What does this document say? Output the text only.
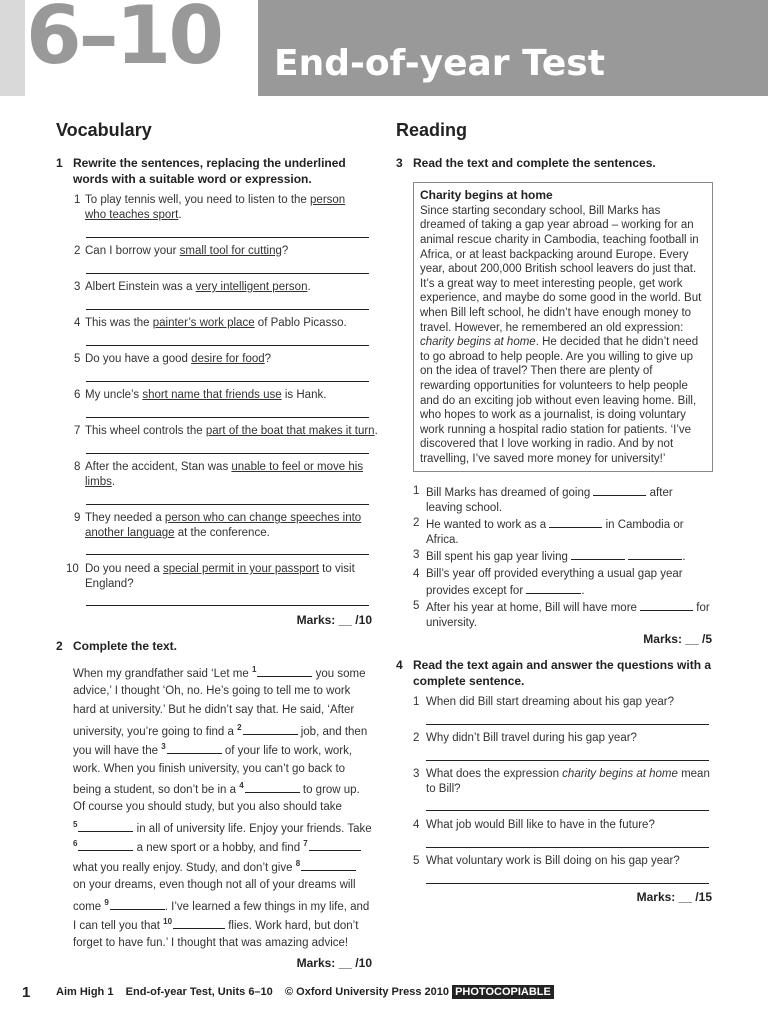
6–10 End-of-year Test
Vocabulary
1 Rewrite the sentences, replacing the underlined words with a suitable word or expression.
1 To play tennis well, you need to listen to the person who teaches sport.
2 Can I borrow your small tool for cutting?
3 Albert Einstein was a very intelligent person.
4 This was the painter’s work place of Pablo Picasso.
5 Do you have a good desire for food?
6 My uncle’s short name that friends use is Hank.
7 This wheel controls the part of the boat that makes it turn.
8 After the accident, Stan was unable to feel or move his limbs.
9 They needed a person who can change speeches into another language at the conference.
10 Do you need a special permit in your passport to visit England?
Marks: __ /10
2 Complete the text.
When my grandfather said ‘Let me $^1$	you some
advice,’ I thought ‘Oh, no. He’s going to tell me to work
hard at university.’ But he didn’t say that. He said, ‘After
university, you’re going to find a $^2$	job, and then
you will have the $^3$	of your life to work, work,
work. When you finish university, you can’t go back to
being a student, so don’t be in a $^4$	to grow up.
Of course you should study, but you also should take
$^5$	in all of university life. Enjoy your friends. Take
$^6$	a new sport or a hobby, and find $^7$
what you really enjoy. Study, and don’t give $^8$
on your dreams, even though not all of your dreams will
come $^9$	. I’ve learned a few things in my life, and
I can tell you that $^{10}$	flies. Work hard, but don’t
forget to have fun.’ I thought that was amazing advice!
Marks: __ /10
Reading
3 Read the text and complete the sentences.
Charity begins at home
Since starting secondary school, Bill Marks has dreamed of taking a gap year abroad – working for an animal rescue charity in Cambodia, teaching football in Africa, or at least backpacking around Europe. Every year, about 200,000 British school leavers do just that. It’s a great way to meet interesting people, get work experience, and maybe do some good in the world. But when Bill left school, he didn’t have enough money to travel. However, he remembered an old expression: charity begins at home. He decided that he didn’t need to go abroad to help people. Are you willing to give up on the idea of travel? Then there are plenty of rewarding opportunities for volunteers to help people and do an exciting job without even leaving home. Bill, who hopes to work as a journalist, is doing voluntary work running a hospital radio station for patients. ‘I’ve discovered that I love working in radio. And by not travelling, I’ve saved more money for university!’
1 Bill Marks has dreamed of going	after
leaving school.
2 He wanted to work as a	in Cambodia or
Africa.
3 Bill spent his gap year living	.
4 Bill’s year off provided everything a usual gap year
provides except for	.
5 After his year at home, Bill will have more	for
university.
Marks: __ /5
4 Read the text again and answer the questions with a complete sentence.
1 When did Bill start dreaming about his gap year?
2 Why didn’t Bill travel during his gap year?
3 What does the expression charity begins at home mean to Bill?
4 What job would Bill like to have in the future?
5 What voluntary work is Bill doing on his gap year?
Marks: __ /15
1 Aim High 1    End-of-year Test, Units 6–10    © Oxford University Press 2010 PHOTOCOPIABLE
